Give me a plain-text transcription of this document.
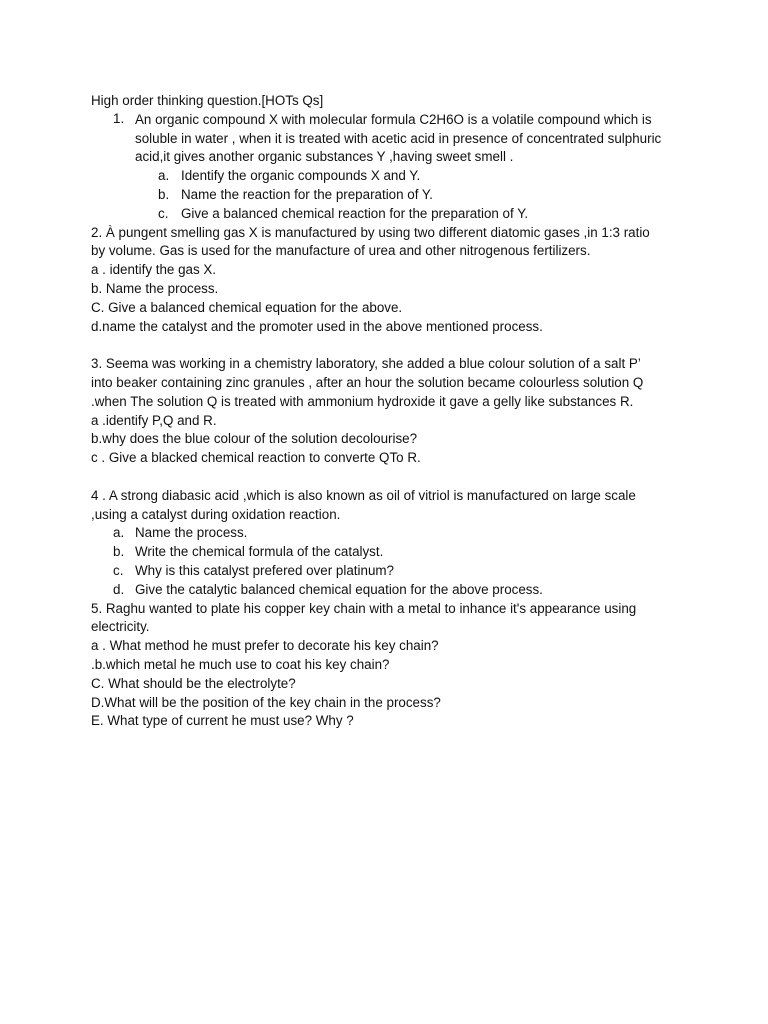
High order thinking question.[HOTs Qs]
1. An organic compound X with molecular formula C2H6O is a volatile compound which is
soluble in water , when it is treated with acetic acid in presence of concentrated sulphuric
acid,it gives another organic substances Y ,having sweet smell .
a. Identify the organic compounds X and Y.
b. Name the reaction for the preparation of Y.
c. Give a balanced chemical reaction for the preparation of Y.
2. À pungent smelling gas X is manufactured by using two different diatomic gases ,in 1:3 ratio
by volume. Gas is used for the manufacture of urea and other nitrogenous fertilizers.
a . identify the gas X.
b. Name the process.
C. Give a balanced chemical equation for the above.
d.name the catalyst and the promoter used in the above mentioned process.
3. Seema was working in a chemistry laboratory, she added a blue colour solution of a salt P’
into beaker containing zinc granules , after an hour the solution became colourless solution Q
.when The solution Q is treated with ammonium hydroxide it gave a gelly like substances R.
a .identify P,Q and R.
b.why does the blue colour of the solution decolourise?
c . Give a blacked chemical reaction to converte QTo R.
4 . A strong diabasic acid ,which is also known as oil of vitriol is manufactured on large scale
,using a catalyst during oxidation reaction.
a. Name the process.
b. Write the chemical formula of the catalyst.
c. Why is this catalyst prefered over platinum?
d. Give the catalytic balanced chemical equation for the above process.
5. Raghu wanted to plate his copper key chain with a metal to inhance it's appearance using
electricity.
a . What method he must prefer to decorate his key chain?
.b.which metal he much use to coat his key chain?
C. What should be the electrolyte?
D.What will be the position of the key chain in the process?
E. What type of current he must use? Why ?
